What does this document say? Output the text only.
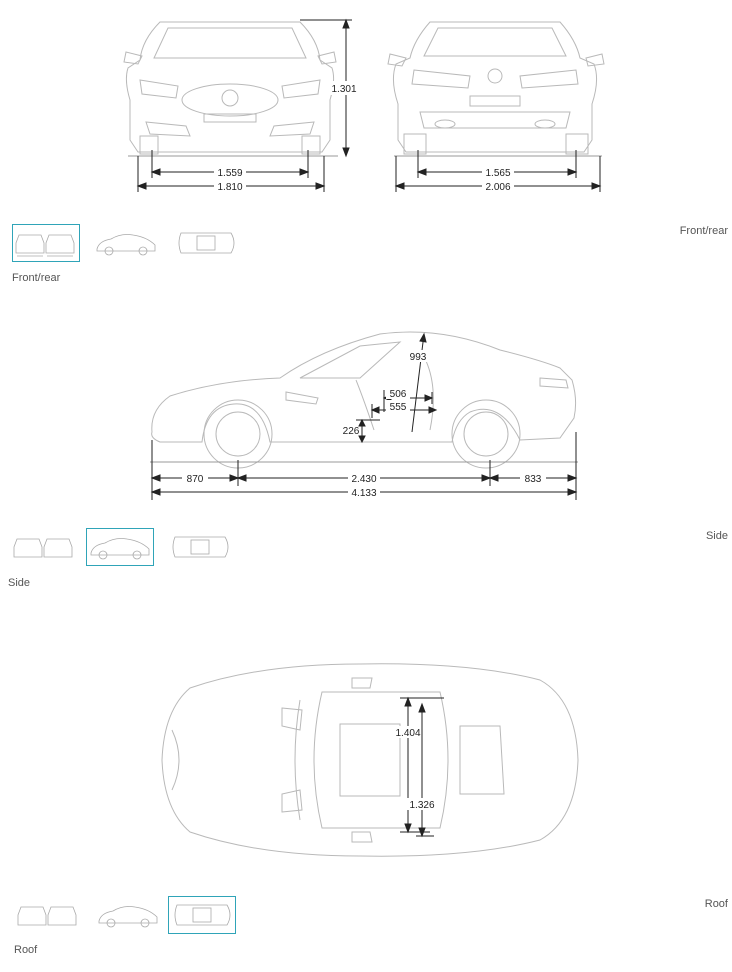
1.301
1.559
1.810
1.565
2.006
Front/rear
Front/rear
993
506
555
226
870	2.430	833
4.133
Side
Side
1.404
1.326
Roof
Roof
